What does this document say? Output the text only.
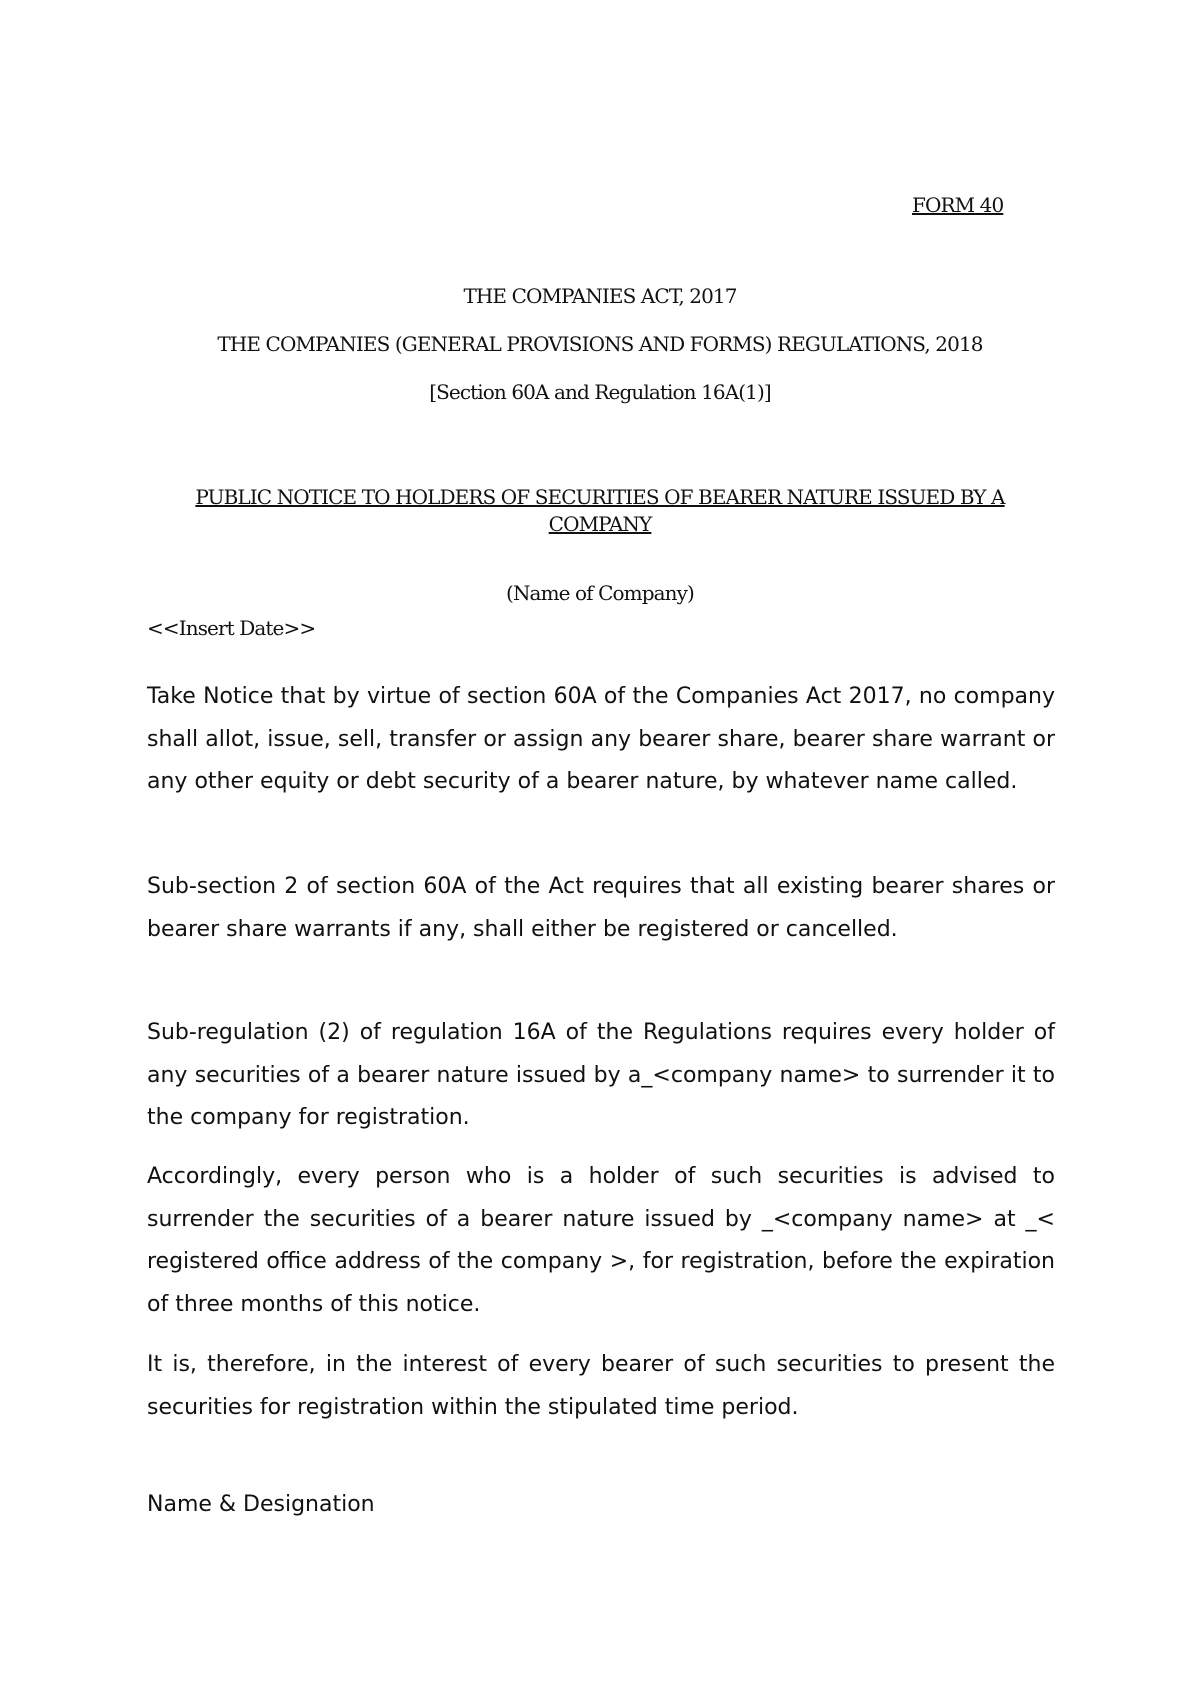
FORM 40
THE COMPANIES ACT, 2017
THE COMPANIES (GENERAL PROVISIONS AND FORMS) REGULATIONS, 2018
[Section 60A and Regulation 16A(1)]
PUBLIC NOTICE TO HOLDERS OF SECURITIES OF BEARER NATURE ISSUED BY A COMPANY
(Name of Company)
<<Insert Date>>

Take Notice that by virtue of section 60A of the Companies Act 2017, no company shall allot, issue, sell, transfer or assign any bearer share, bearer share warrant or any other equity or debt security of a bearer nature, by whatever name called.

Sub-section 2 of section 60A of the Act requires that all existing bearer shares or bearer share warrants if any, shall either be registered or cancelled.

Sub-regulation (2) of regulation 16A of the Regulations requires every holder of any securities of a bearer nature issued by a_<company name> to surrender it to the company for registration.

Accordingly, every person who is a holder of such securities is advised to surrender the securities of a bearer nature issued by _<company name> at _< registered office address of the company >, for registration, before the expiration of three months of this notice.

It is, therefore, in the interest of every bearer of such securities to present the securities for registration within the stipulated time period.

Name & Designation
